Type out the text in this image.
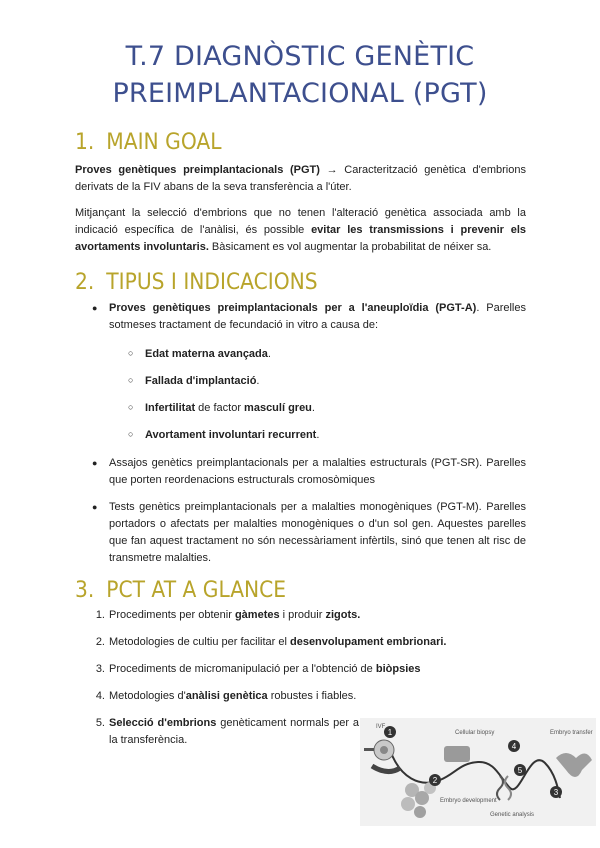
T.7 DIAGNÒSTIC GENÈTIC
PREIMPLANTACIONAL (PGT)
1. MAIN GOAL
Proves genètiques preimplantacionals (PGT) → Caracterització genètica d'embrions derivats de la FIV abans de la seva transferència a l'úter.
Mitjançant la selecció d'embrions que no tenen l'alteració genètica associada amb la indicació específica de l'anàlisi, és possible evitar les transmissions i prevenir els avortaments involuntaris. Bàsicament es vol augmentar la probabilitat de néixer sa.
2. TIPUS I INDICACIONS
● Proves genètiques preimplantacionals per a l'aneuploïdia (PGT-A). Parelles sotmeses tractament de fecundació in vitro a causa de:
○ Edat materna avançada.
○ Fallada d'implantació.
○ Infertilitat de factor masculí greu.
○ Avortament involuntari recurrent.
● Assajos genètics preimplantacionals per a malalties estructurals (PGT-SR). Parelles que porten reordenacions estructurals cromosòmiques
● Tests genètics preimplantacionals per a malalties monogèniques (PGT-M). Parelles portadors o afectats per malalties monogèniques o d'un sol gen. Aquestes parelles que fan aquest tractament no són necessàriament infèrtils, sinó que tenen alt risc de transmetre malalties.
3. PCT AT A GLANCE
1. Procediments per obtenir gàmetes i produir zigots.
2. Metodologies de cultiu per facilitar el desenvolupament embrionari.
3. Procediments de micromanipulació per a l'obtenció de biòpsies
4. Metodologies d'anàlisi genètica robustes i fiables.
5. Selecció d'embrions genèticament normals per a la transferència.
1
2
3
4
5
IVF
Cellular biopsy	Embryo transfer
Embryo development
Genetic analysis
